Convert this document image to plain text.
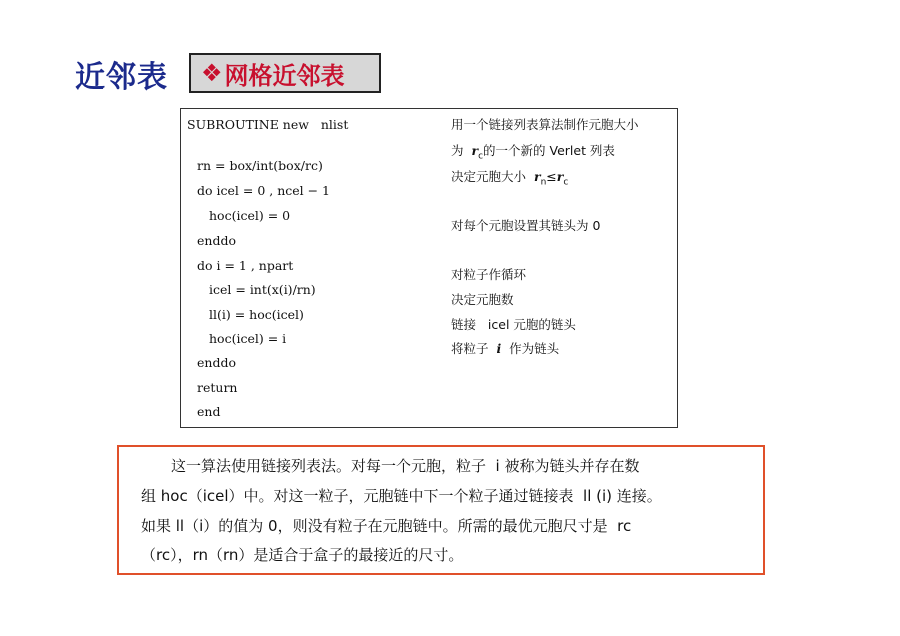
近邻表 ❖ 网格近邻表
SUBROUTINE new   nlist
rn = box/int(box/rc)
do icel = 0 , ncel − 1
hoc(icel) = 0
enddo
do i = 1 , npart
icel = int(x(i)/rn)
ll(i) = hoc(icel)
hoc(icel) = i
enddo
return
end
用一个链接列表算法制作元胞大小
为 $r_c$的一个新的 Verlet 列表
决定元胞大小 $r_n\le r_c$
对每个元胞设置其链头为 0
对粒子作循环
决定元胞数
链接   icel 元胞的链头
将粒子 i 作为链头
这一算法使用链接列表法。对每一个元胞，粒子  i 被称为链头并存在数
组 hoc（icel）中。对这一粒子，元胞链中下一个粒子通过链接表  ll (i) 连接。
如果 ll（i）的值为 0，则没有粒子在元胞链中。所需的最优元胞尺寸是  rc
（rc），rn（rn）是适合于盒子的最接近的尺寸。
